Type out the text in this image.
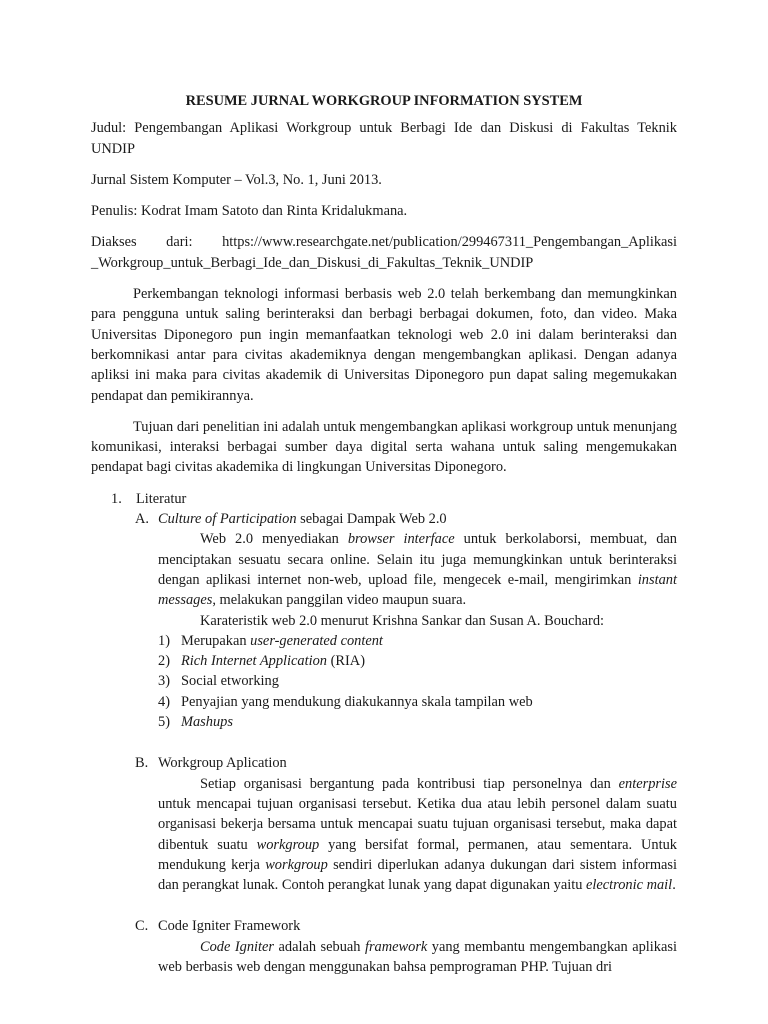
RESUME JURNAL WORKGROUP INFORMATION SYSTEM

Judul: Pengembangan Aplikasi Workgroup untuk Berbagi Ide dan Diskusi di Fakultas Teknik
UNDIP

Jurnal Sistem Komputer – Vol.3, No. 1, Juni 2013.

Penulis: Kodrat Imam Satoto dan Rinta Kridalukmana.

Diakses dari: https://www.researchgate.net/publication/299467311_Pengembangan_Aplikasi
_Workgroup_untuk_Berbagi_Ide_dan_Diskusi_di_Fakultas_Teknik_UNDIP

Perkembangan teknologi informasi berbasis web 2.0 telah berkembang dan memungkinkan para pengguna untuk saling berinteraksi dan berbagi berbagai dokumen, foto, dan video. Maka Universitas Diponegoro pun ingin memanfaatkan teknologi web 2.0 ini dalam berinteraksi dan berkomnikasi antar para civitas akademiknya dengan mengembangkan aplikasi. Dengan adanya apliksi ini maka para civitas akademik di Universitas Diponegoro pun dapat saling megemukakan pendapat dan pemikirannya.

Tujuan dari penelitian ini adalah untuk mengembangkan aplikasi workgroup untuk menunjang komunikasi, interaksi berbagai sumber daya digital serta wahana untuk saling mengemukakan pendapat bagi civitas akademika di lingkungan Universitas Diponegoro.

1. Literatur
A. Culture of Participation sebagai Dampak Web 2.0

Web 2.0 menyediakan browser interface untuk berkolaborsi, membuat, dan menciptakan sesuatu secara online. Selain itu juga memungkinkan untuk berinteraksi dengan aplikasi internet non-web, upload file, mengecek e-mail, mengirimkan instant messages, melakukan panggilan video maupun suara.

Karateristik web 2.0 menurut Krishna Sankar dan Susan A. Bouchard:

1) Merupakan user-generated content
2) Rich Internet Application (RIA)
3) Social etworking
4) Penyajian yang mendukung diakukannya skala tampilan web
5) Mashups
B. Workgroup Aplication

Setiap organisasi bergantung pada kontribusi tiap personelnya dan enterprise untuk mencapai tujuan organisasi tersebut. Ketika dua atau lebih personel dalam suatu organisasi bekerja bersama untuk mencapai suatu tujuan organisasi tersebut, maka dapat dibentuk suatu workgroup yang bersifat formal, permanen, atau sementara. Untuk mendukung kerja workgroup sendiri diperlukan adanya dukungan dari sistem informasi dan perangkat lunak. Contoh perangkat lunak yang dapat digunakan yaitu electronic mail.

C. Code Igniter Framework

Code Igniter adalah sebuah framework yang membantu mengembangkan aplikasi web berbasis web dengan menggunakan bahsa pemprograman PHP. Tujuan dri
